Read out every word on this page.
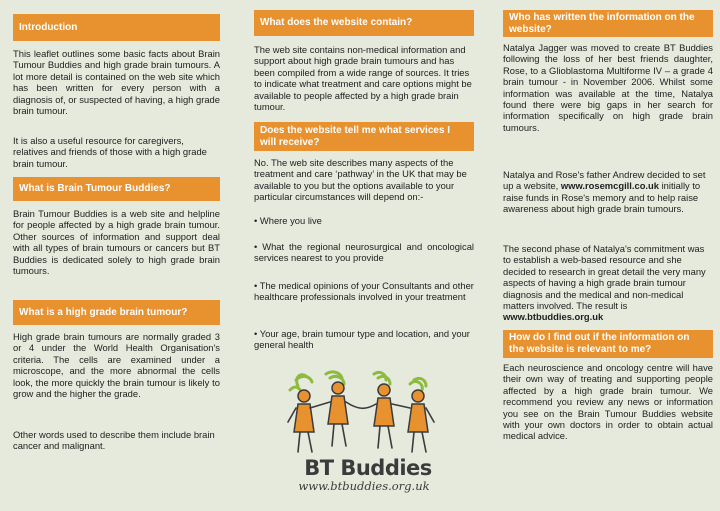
Introduction

This leaflet outlines some basic facts about Brain Tumour Buddies and high grade brain tumours. A lot more detail is contained on the web site which has been written for every person with a diagnosis of, or suspected of having, a high grade brain tumour.

It is also a useful resource for caregivers, relatives and friends of those with a high grade brain tumour.

What is Brain Tumour Buddies?

Brain Tumour Buddies is a web site and helpline for people affected by a high grade brain tumour. Other sources of information and support deal with all types of brain tumours or cancers but BT Buddies is dedicated solely to high grade brain tumours.

What is a high grade brain tumour?

High grade brain tumours are normally graded 3 or 4 under the World Health Organisation's criteria. The cells are examined under a microscope, and the more abnormal the cells look, the more quickly the brain tumour is likely to grow and the higher the grade.

Other words used to describe them include brain cancer and malignant.

What does the website contain?

The web site contains non-medical information and support about high grade brain tumours and has been compiled from a wide range of sources. It tries to indicate what treatment and care options might be available to people affected by a high grade brain tumour.

Does the website tell me what services I will receive?

No. The web site describes many aspects of the treatment and care ‘pathway’ in the UK that may be available to you but the options available to your particular circumstances will depend on:-

• Where you live

• What the regional neurosurgical and oncological services nearest to you provide

• The medical opinions of your Consultants and other healthcare professionals involved in your treatment

• Your age, brain tumour type and location, and your general health

BT Buddies
www.btbuddies.org.uk
Who has written the information on the website?

Natalya Jagger was moved to create BT Buddies following the loss of her best friends daughter, Rose, to a Glioblastoma Multiforme IV – a grade 4 brain tumour - in November 2006. Whilst some information was available at the time, Natalya found there were big gaps in her search for information specifically on high grade brain tumours.

Natalya and Rose's father Andrew decided to set up a website, www.rosemcgill.co.uk initially to raise funds in Rose's memory and to help raise awareness about high grade brain tumours.

The second phase of Natalya's commitment was to establish a web-based resource and she decided to research in great detail the very many aspects of having a high grade brain tumour diagnosis and the medical and non-medical matters involved. The result is www.btbuddies.org.uk

How do I find out if the information on the website is relevant to me?

Each neuroscience and oncology centre will have their own way of treating and supporting people affected by a high grade brain tumour. We recommend you review any news or information you see on the Brain Tumour Buddies website with your own doctors in order to obtain actual medical advice.
